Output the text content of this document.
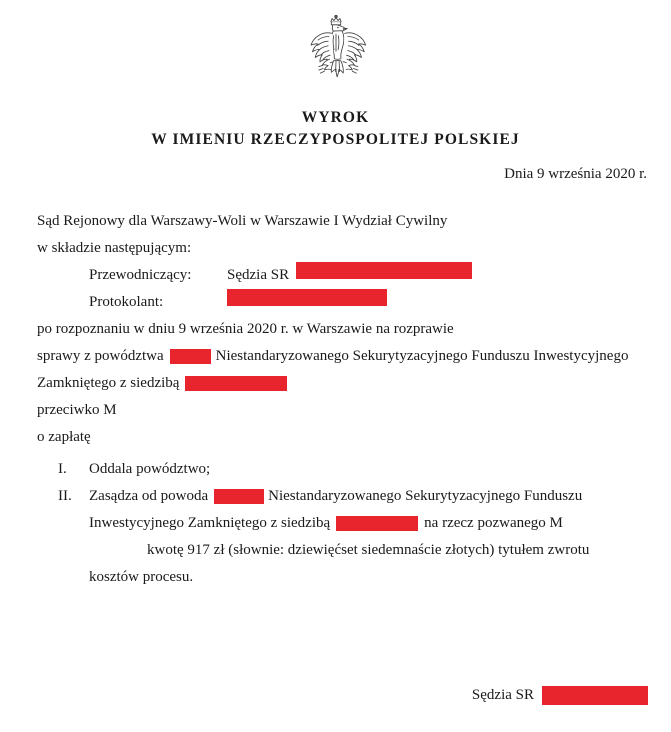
WYROK
W IMIENIU RZECZYPOSPOLITEJ POLSKIEJ
Dnia 9 września 2020 r.

Sąd Rejonowy dla Warszawy-Woli w Warszawie I Wydział Cywilny

w składzie następującym:

Przewodniczący:	Sędzia SR
Protokolant:

po rozpoznaniu w dniu 9 września 2020 r. w Warszawie na rozprawie

sprawy z powództwa	Niestandaryzowanego Sekurytyzacyjnego Funduszu Inwestycyjnego

Zamkniętego z siedzibą

przeciwko M

o zapłatę

I.	Oddala powództwo;
II.	Zasądza od powoda	Niestandaryzowanego Sekurytyzacyjnego Funduszu

Inwestycyjnego Zamkniętego z siedzibą	na rzecz pozwanego M

kwotę 917 zł (słownie: dziewięćset siedemnaście złotych) tytułem zwrotu

kosztów procesu.

Sędzia SR
